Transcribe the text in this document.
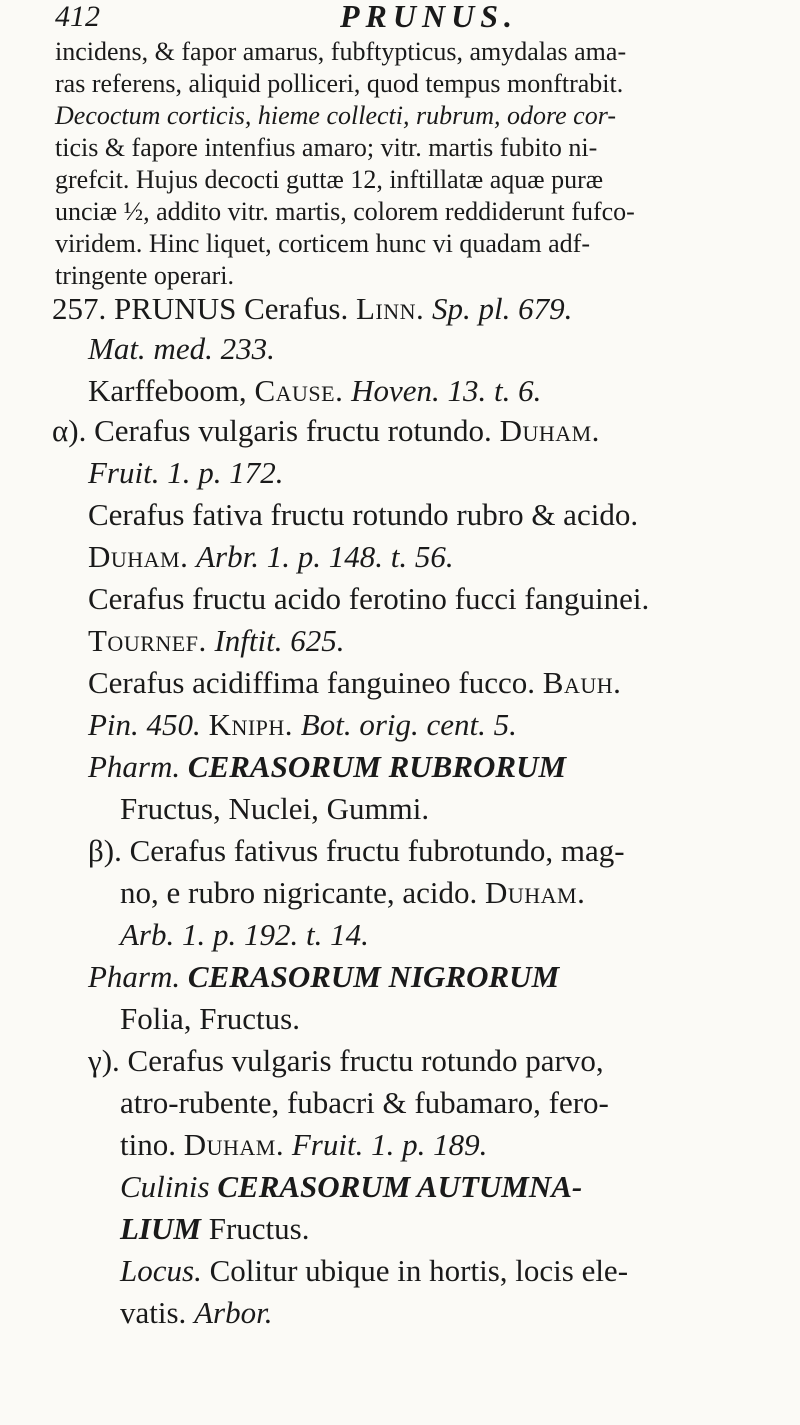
412	PRUNUS.
incidens, & fapor amarus, fubftypticus, amydalas ama-
ras referens, aliquid polliceri, quod tempus monftrabit.
Decoctum corticis, hieme collecti, rubrum, odore cor-
ticis & fapore intenfius amaro; vitr. martis fubito ni-
grefcit. Hujus decocti guttæ 12, inftillatæ aquæ puræ
unciæ ½, addito vitr. martis, colorem reddiderunt fufco-
viridem. Hinc liquet, corticem hunc vi quadam adf-
tringente operari.
257. PRUNUS Cerafus. Linn. Sp. pl. 679.
Mat. med. 233.
Karffeboom, Cause. Hoven. 13. t. 6.
α). Cerafus vulgaris fructu rotundo. Duham.
Fruit. 1. p. 172.
Cerafus fativa fructu rotundo rubro & acido.
Duham. Arbr. 1. p. 148. t. 56.
Cerafus fructu acido ferotino fucci fanguinei.
Tournef. Inftit. 625.
Cerafus acidiffima fanguineo fucco. Bauh.
Pin. 450. Kniph. Bot. orig. cent. 5.
Pharm. CERASORUM RUBRORUM
Fructus, Nuclei, Gummi.
β). Cerafus fativus fructu fubrotundo, mag-
no, e rubro nigricante, acido. Duham.
Arb. 1. p. 192. t. 14.
Pharm. CERASORUM NIGRORUM
Folia, Fructus.
γ). Cerafus vulgaris fructu rotundo parvo,
atro-rubente, fubacri & fubamaro, fero-
tino. Duham. Fruit. 1. p. 189.
Culinis CERASORUM AUTUMNA-
LIUM Fructus.
Locus. Colitur ubique in hortis, locis ele-
vatis. Arbor.
